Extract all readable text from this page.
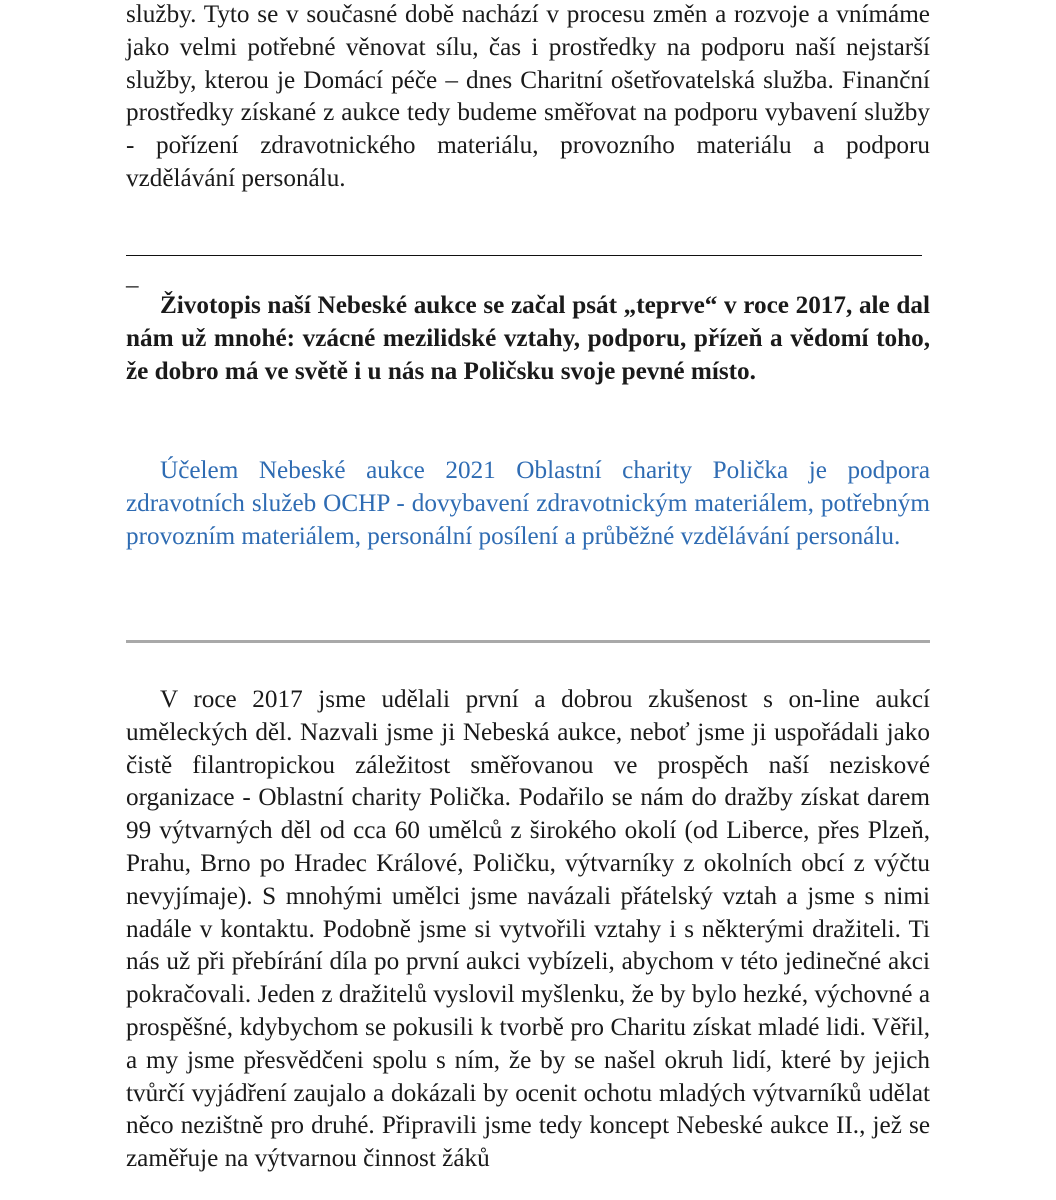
služby. Tyto se v současné době nachází v procesu změn a rozvoje a vnímáme jako velmi potřebné věnovat sílu, čas i prostředky na podporu naší nejstarší služby, kterou je Domácí péče – dnes Charitní ošetřovatelská služba. Finanční prostředky získané z aukce tedy budeme směřovat na podporu vybavení služby - pořízení zdravotnického materiálu, provozního materiálu a podporu vzdělávání personálu.

–

Životopis naší Nebeské aukce se začal psát „teprve“ v roce 2017, ale dal nám už mnohé: vzácné mezilidské vztahy, podporu, přízeň a vědomí toho, že dobro má ve světě i u nás na Poličsku svoje pevné místo.

Účelem Nebeské aukce 2021 Oblastní charity Polička je podpora zdravotních služeb OCHP - dovybavení zdravotnickým materiálem, potřebným provozním materiálem, personální posílení a průběžné vzdělávání personálu.

V roce 2017 jsme udělali první a dobrou zkušenost s on-line aukcí uměleckých děl. Nazvali jsme ji Nebeská aukce, neboť jsme ji uspořádali jako čistě filantropickou záležitost směřovanou ve prospěch naší neziskové organizace - Oblastní charity Polička. Podařilo se nám do dražby získat darem 99 výtvarných děl od cca 60 umělců z širokého okolí (od Liberce, přes Plzeň, Prahu, Brno po Hradec Králové, Poličku, výtvarníky z okolních obcí z výčtu nevyjímaje). S mnohými umělci jsme navázali přátelský vztah a jsme s nimi nadále v kontaktu. Podobně jsme si vytvořili vztahy i s některými dražiteli. Ti nás už při přebírání díla po první aukci vybízeli, abychom v této jedinečné akci pokračovali. Jeden z dražitelů vyslovil myšlenku, že by bylo hezké, výchovné a prospěšné, kdybychom se pokusili k tvorbě pro Charitu získat mladé lidi. Věřil, a my jsme přesvědčeni spolu s ním, že by se našel okruh lidí, které by jejich tvůrčí vyjádření zaujalo a dokázali by ocenit ochotu mladých výtvarníků udělat něco nezištně pro druhé. Připravili jsme tedy koncept Nebeské aukce II., jež se zaměřuje na výtvarnou činnost žáků
